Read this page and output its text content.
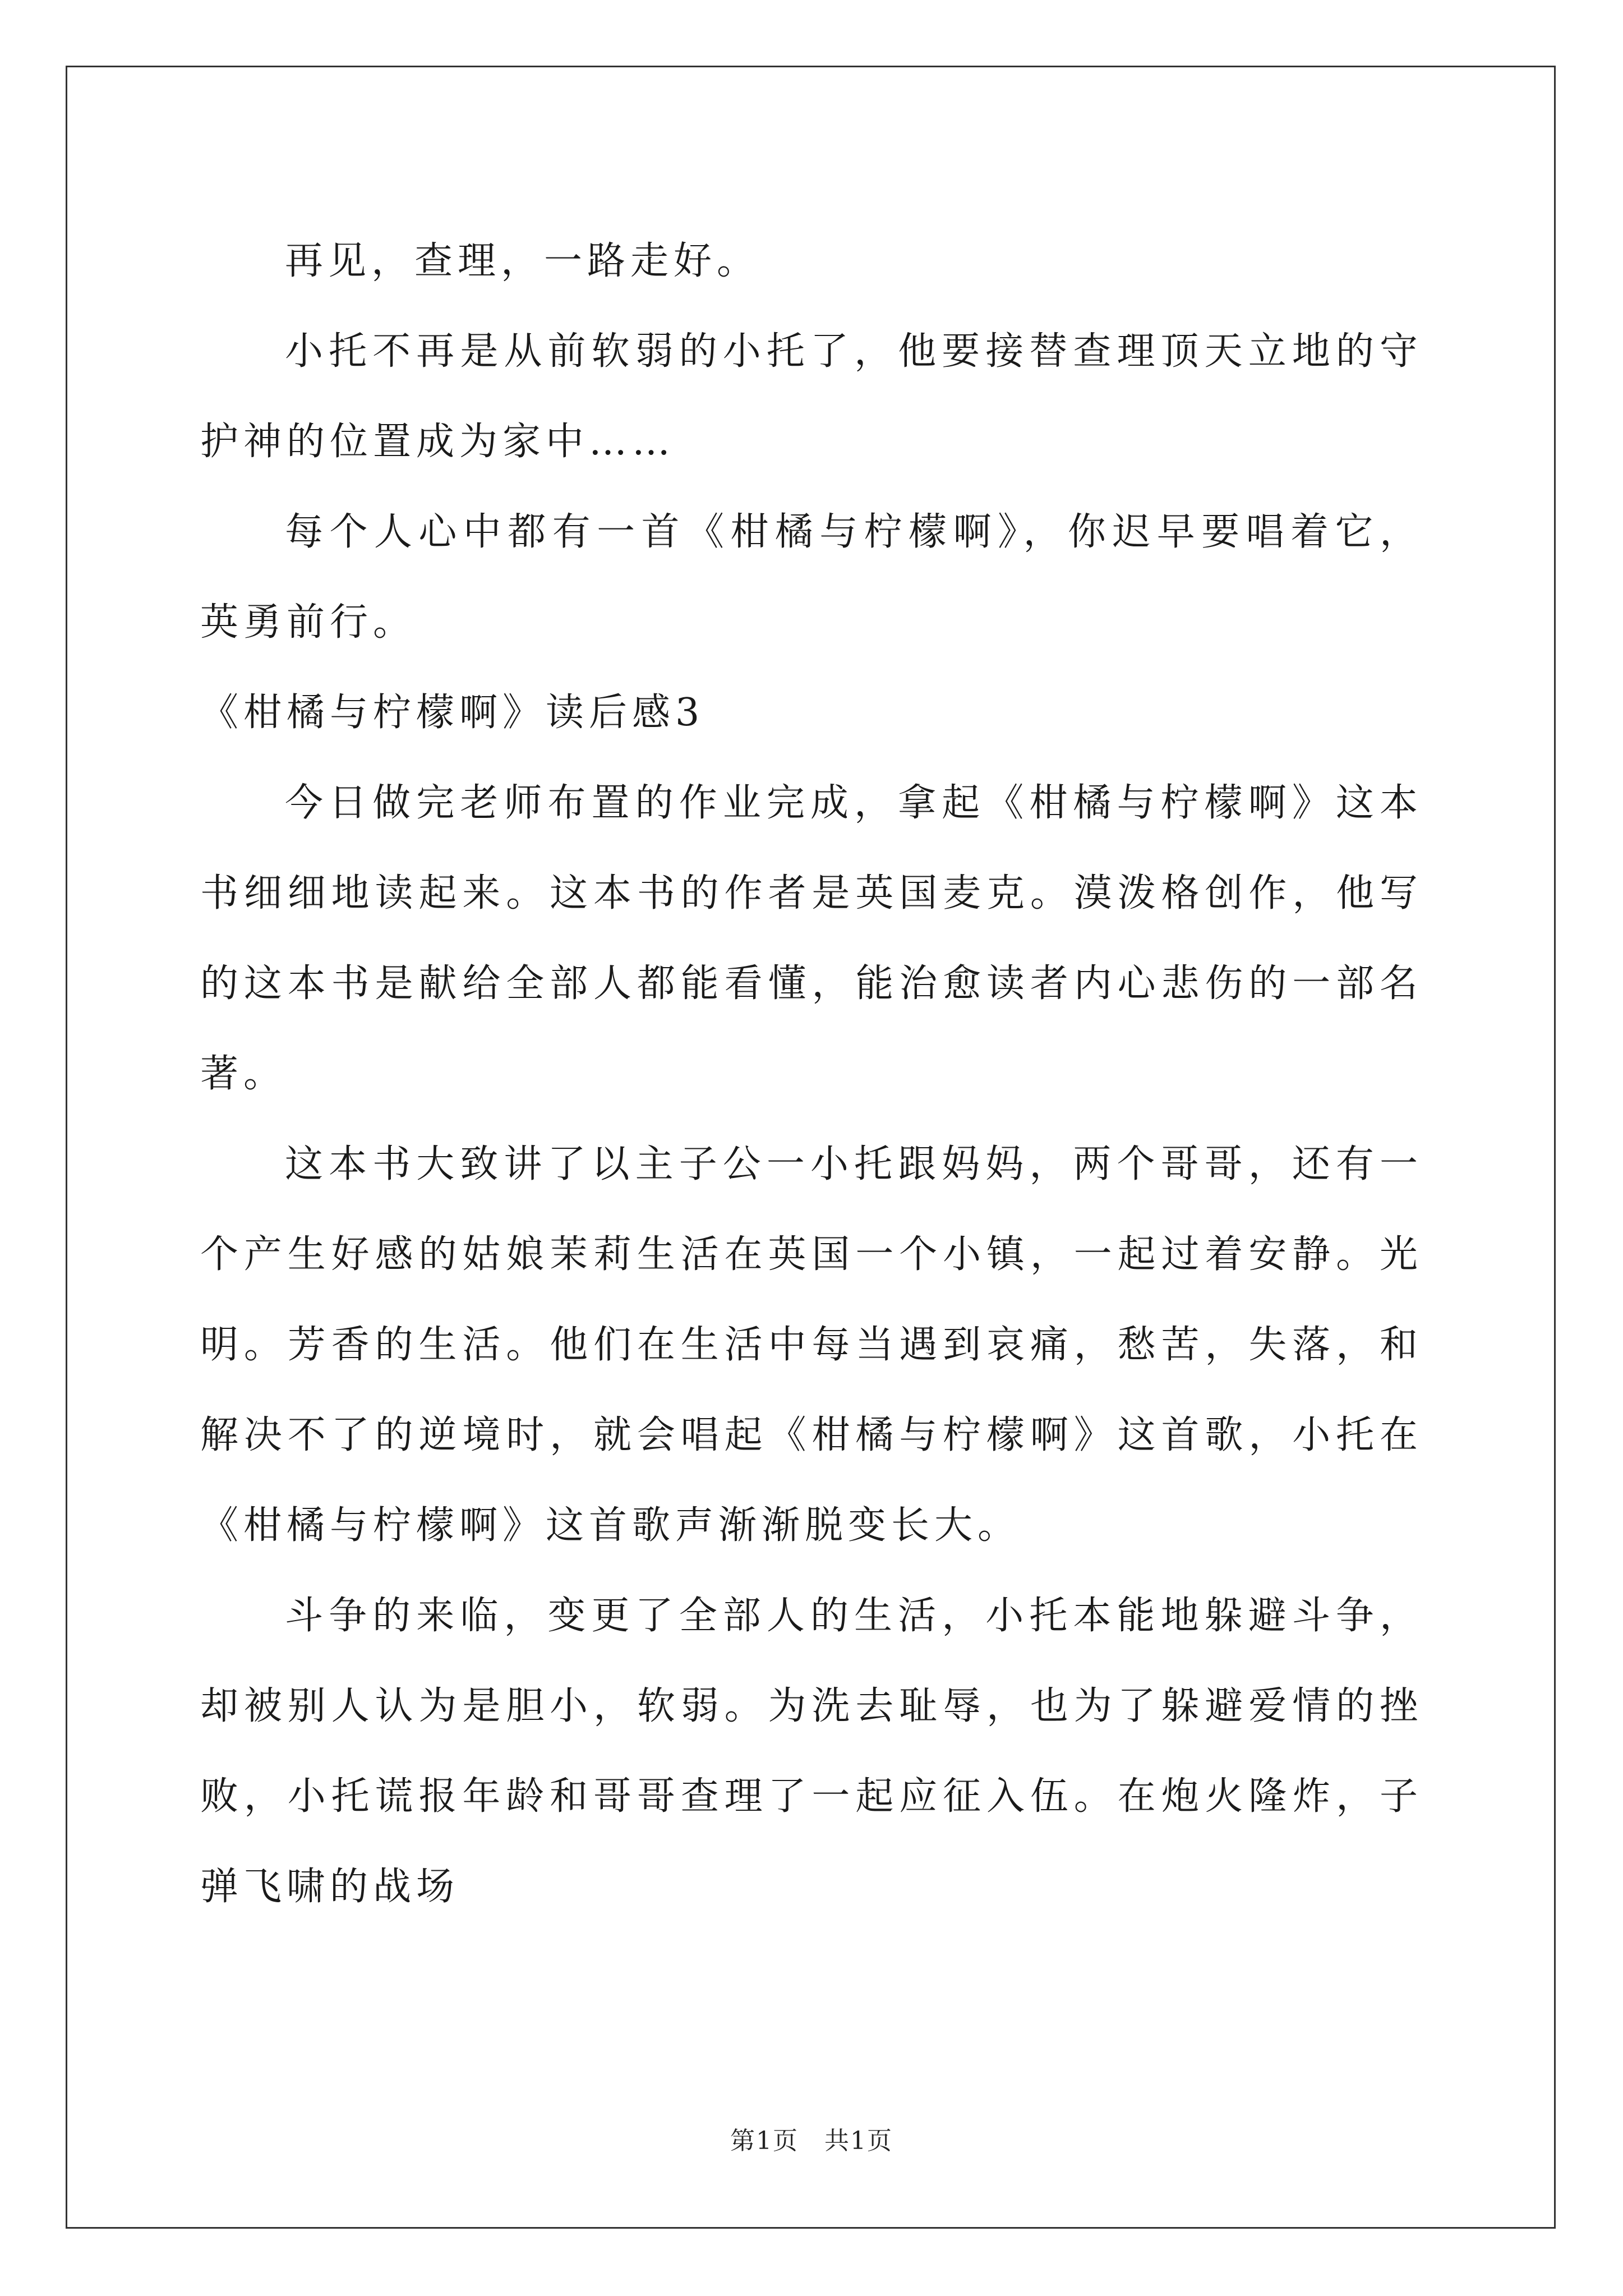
再见，查理，一路走好。

小托不再是从前软弱的小托了，他要接替查理顶天立地的守护神的位置成为家中……

每个人心中都有一首《柑橘与柠檬啊》，你迟早要唱着它，英勇前行。

《柑橘与柠檬啊》读后感3

今日做完老师布置的作业完成，拿起《柑橘与柠檬啊》这本书细细地读起来。这本书的作者是英国麦克。漠泼格创作，他写的这本书是献给全部人都能看懂，能治愈读者内心悲伤的一部名著。

这本书大致讲了以主子公一小托跟妈妈，两个哥哥，还有一个产生好感的姑娘茉莉生活在英国一个小镇，一起过着安静。光明。芳香的生活。他们在生活中每当遇到哀痛，愁苦，失落，和解决不了的逆境时，就会唱起《柑橘与柠檬啊》这首歌，小托在《柑橘与柠檬啊》这首歌声渐渐脱变长大。

斗争的来临，变更了全部人的生活，小托本能地躲避斗争，却被别人认为是胆小，软弱。为洗去耻辱，也为了躲避爱情的挫败，小托谎报年龄和哥哥查理了一起应征入伍。在炮火隆炸，子弹飞啸的战场

第1页　共1页
